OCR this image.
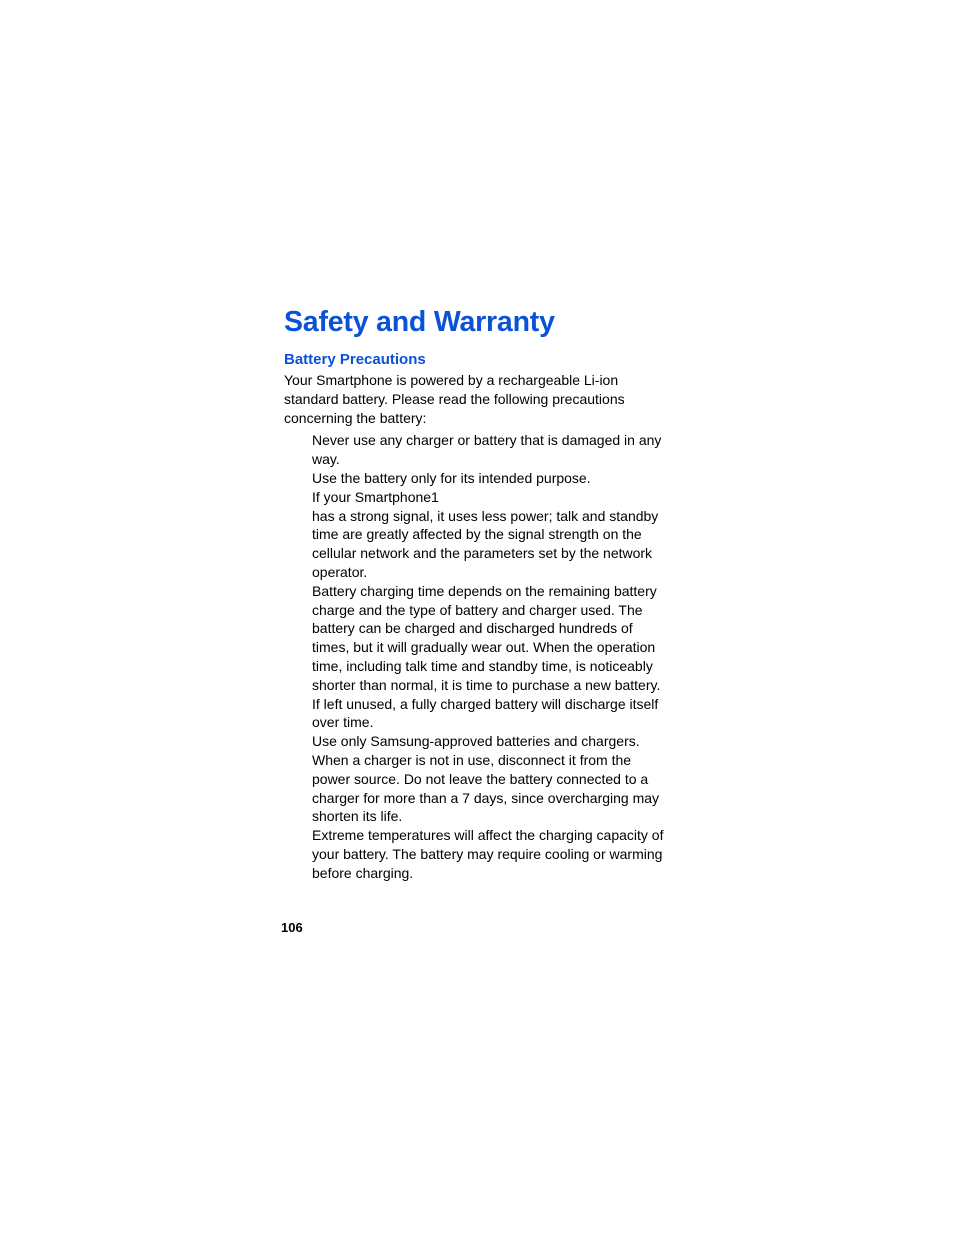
Safety and Warranty
Battery Precautions

Your Smartphone is powered by a rechargeable Li-ion standard battery. Please read the following precautions concerning the battery:

Never use any charger or battery that is damaged in any way.
Use the battery only for its intended purpose.
If your Smartphone1
has a strong signal, it uses less power; talk and standby time are greatly affected by the signal strength on the cellular network and the parameters set by the network operator.
Battery charging time depends on the remaining battery charge and the type of battery and charger used. The battery can be charged and discharged hundreds of times, but it will gradually wear out. When the operation time, including talk time and standby time, is noticeably shorter than normal, it is time to purchase a new battery.
If left unused, a fully charged battery will discharge itself over time.
Use only Samsung-approved batteries and chargers. When a charger is not in use, disconnect it from the power source. Do not leave the battery connected to a charger for more than a 7 days, since overcharging may shorten its life.
Extreme temperatures will affect the charging capacity of your battery. The battery may require cooling or warming before charging.
106
